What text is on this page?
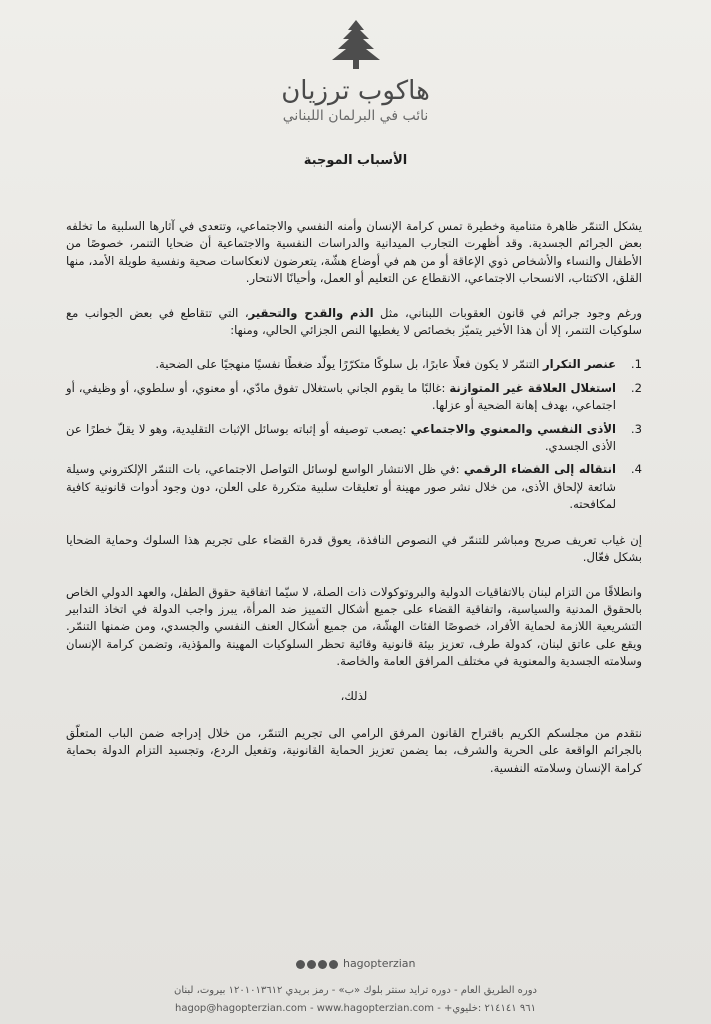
هاكوب ترزيان
نائب في البرلمان اللبناني
الأسباب الموجبة

يشكل التنمّر ظاهرة متنامية وخطيرة تمس كرامة الإنسان وأمنه النفسي والاجتماعي، وتتعدى في آثارها السلبية ما تخلفه بعض الجرائم الجسدية. وقد أظهرت التجارب الميدانية والدراسات النفسية والاجتماعية أن ضحايا التنمر، خصوصًا من الأطفال والنساء والأشخاص ذوي الإعاقة أو من هم في أوضاع هشّة، يتعرضون لانعكاسات صحية ونفسية طويلة الأمد، منها القلق، الاكتئاب، الانسحاب الاجتماعي، الانقطاع عن التعليم أو العمل، وأحيانًا الانتحار.

ورغم وجود جرائم في قانون العقوبات اللبناني، مثل الذم والقدح والتحقير، التي تتقاطع في بعض الجوانب مع سلوكيات التنمر، إلا أن هذا الأخير يتميّز بخصائص لا يغطيها النص الجزائي الحالي، ومنها:

1.
عنصر التكرار التنمّر لا يكون فعلًا عابرًا، بل سلوكًا متكرّرًا يولّد ضغطًا نفسيًا منهجيًا على الضحية.
2.
استغلال العلاقة غير المتوازنة :غالبًا ما يقوم الجاني باستغلال تفوق مادّي، أو معنوي، أو سلطوي، أو وظيفي، أو اجتماعي، بهدف إهانة الضحية أو عزلها.
3.
الأذى النفسي والمعنوي والاجتماعي :يصعب توصيفه أو إثباته بوسائل الإثبات التقليدية، وهو لا يقلّ خطرًا عن الأذى الجسدي.
4.
انتقاله إلى الفضاء الرقمي :في ظل الانتشار الواسع لوسائل التواصل الاجتماعي، بات التنمّر الإلكتروني وسيلة شائعة لإلحاق الأذى، من خلال نشر صور مهينة أو تعليقات سلبية متكررة على العلن، دون وجود أدوات قانونية كافية لمكافحته.

إن غياب تعريف صريح ومباشر للتنمّر في النصوص النافذة، يعوق قدرة القضاء على تجريم هذا السلوك وحماية الضحايا بشكل فعّال.

وانطلاقًا من التزام لبنان بالاتفاقيات الدولية والبروتوكولات ذات الصلة، لا سيّما اتفاقية حقوق الطفل، والعهد الدولي الخاص بالحقوق المدنية والسياسية، واتفاقية القضاء على جميع أشكال التمييز ضد المرأة، يبرز واجب الدولة في اتخاذ التدابير التشريعية اللازمة لحماية الأفراد، خصوصًا الفئات الهشّة، من جميع أشكال العنف النفسي والجسدي، ومن ضمنها التنمّر. ويقع على عاتق لبنان، كدولة طرف، تعزيز بيئة قانونية وقائية تحظر السلوكيات المهينة والمؤذية، وتضمن كرامة الإنسان وسلامته الجسدية والمعنوية في مختلف المرافق العامة والخاصة.

لذلك،

نتقدم من مجلسكم الكريم باقتراح القانون المرفق الرامي الى تجريم التنمّر، من خلال إدراجه ضمن الباب المتعلّق بالجرائم الواقعة على الحرية والشرف، بما يضمن تعزيز الحماية القانونية، وتفعيل الردع، وتجسيد التزام الدولة بحماية كرامة الإنسان وسلامته النفسية.

hagopterzian
دوره الطريق العام - دوره ترايد سنتر بلوك «ب» - رمز بريدي ١٢٠١٠١٣٦١٢ بيروت، لبنان
hagop@hagopterzian.com - www.hagopterzian.com - +٩٦١ ٢١٤١٤١ :خليوي
